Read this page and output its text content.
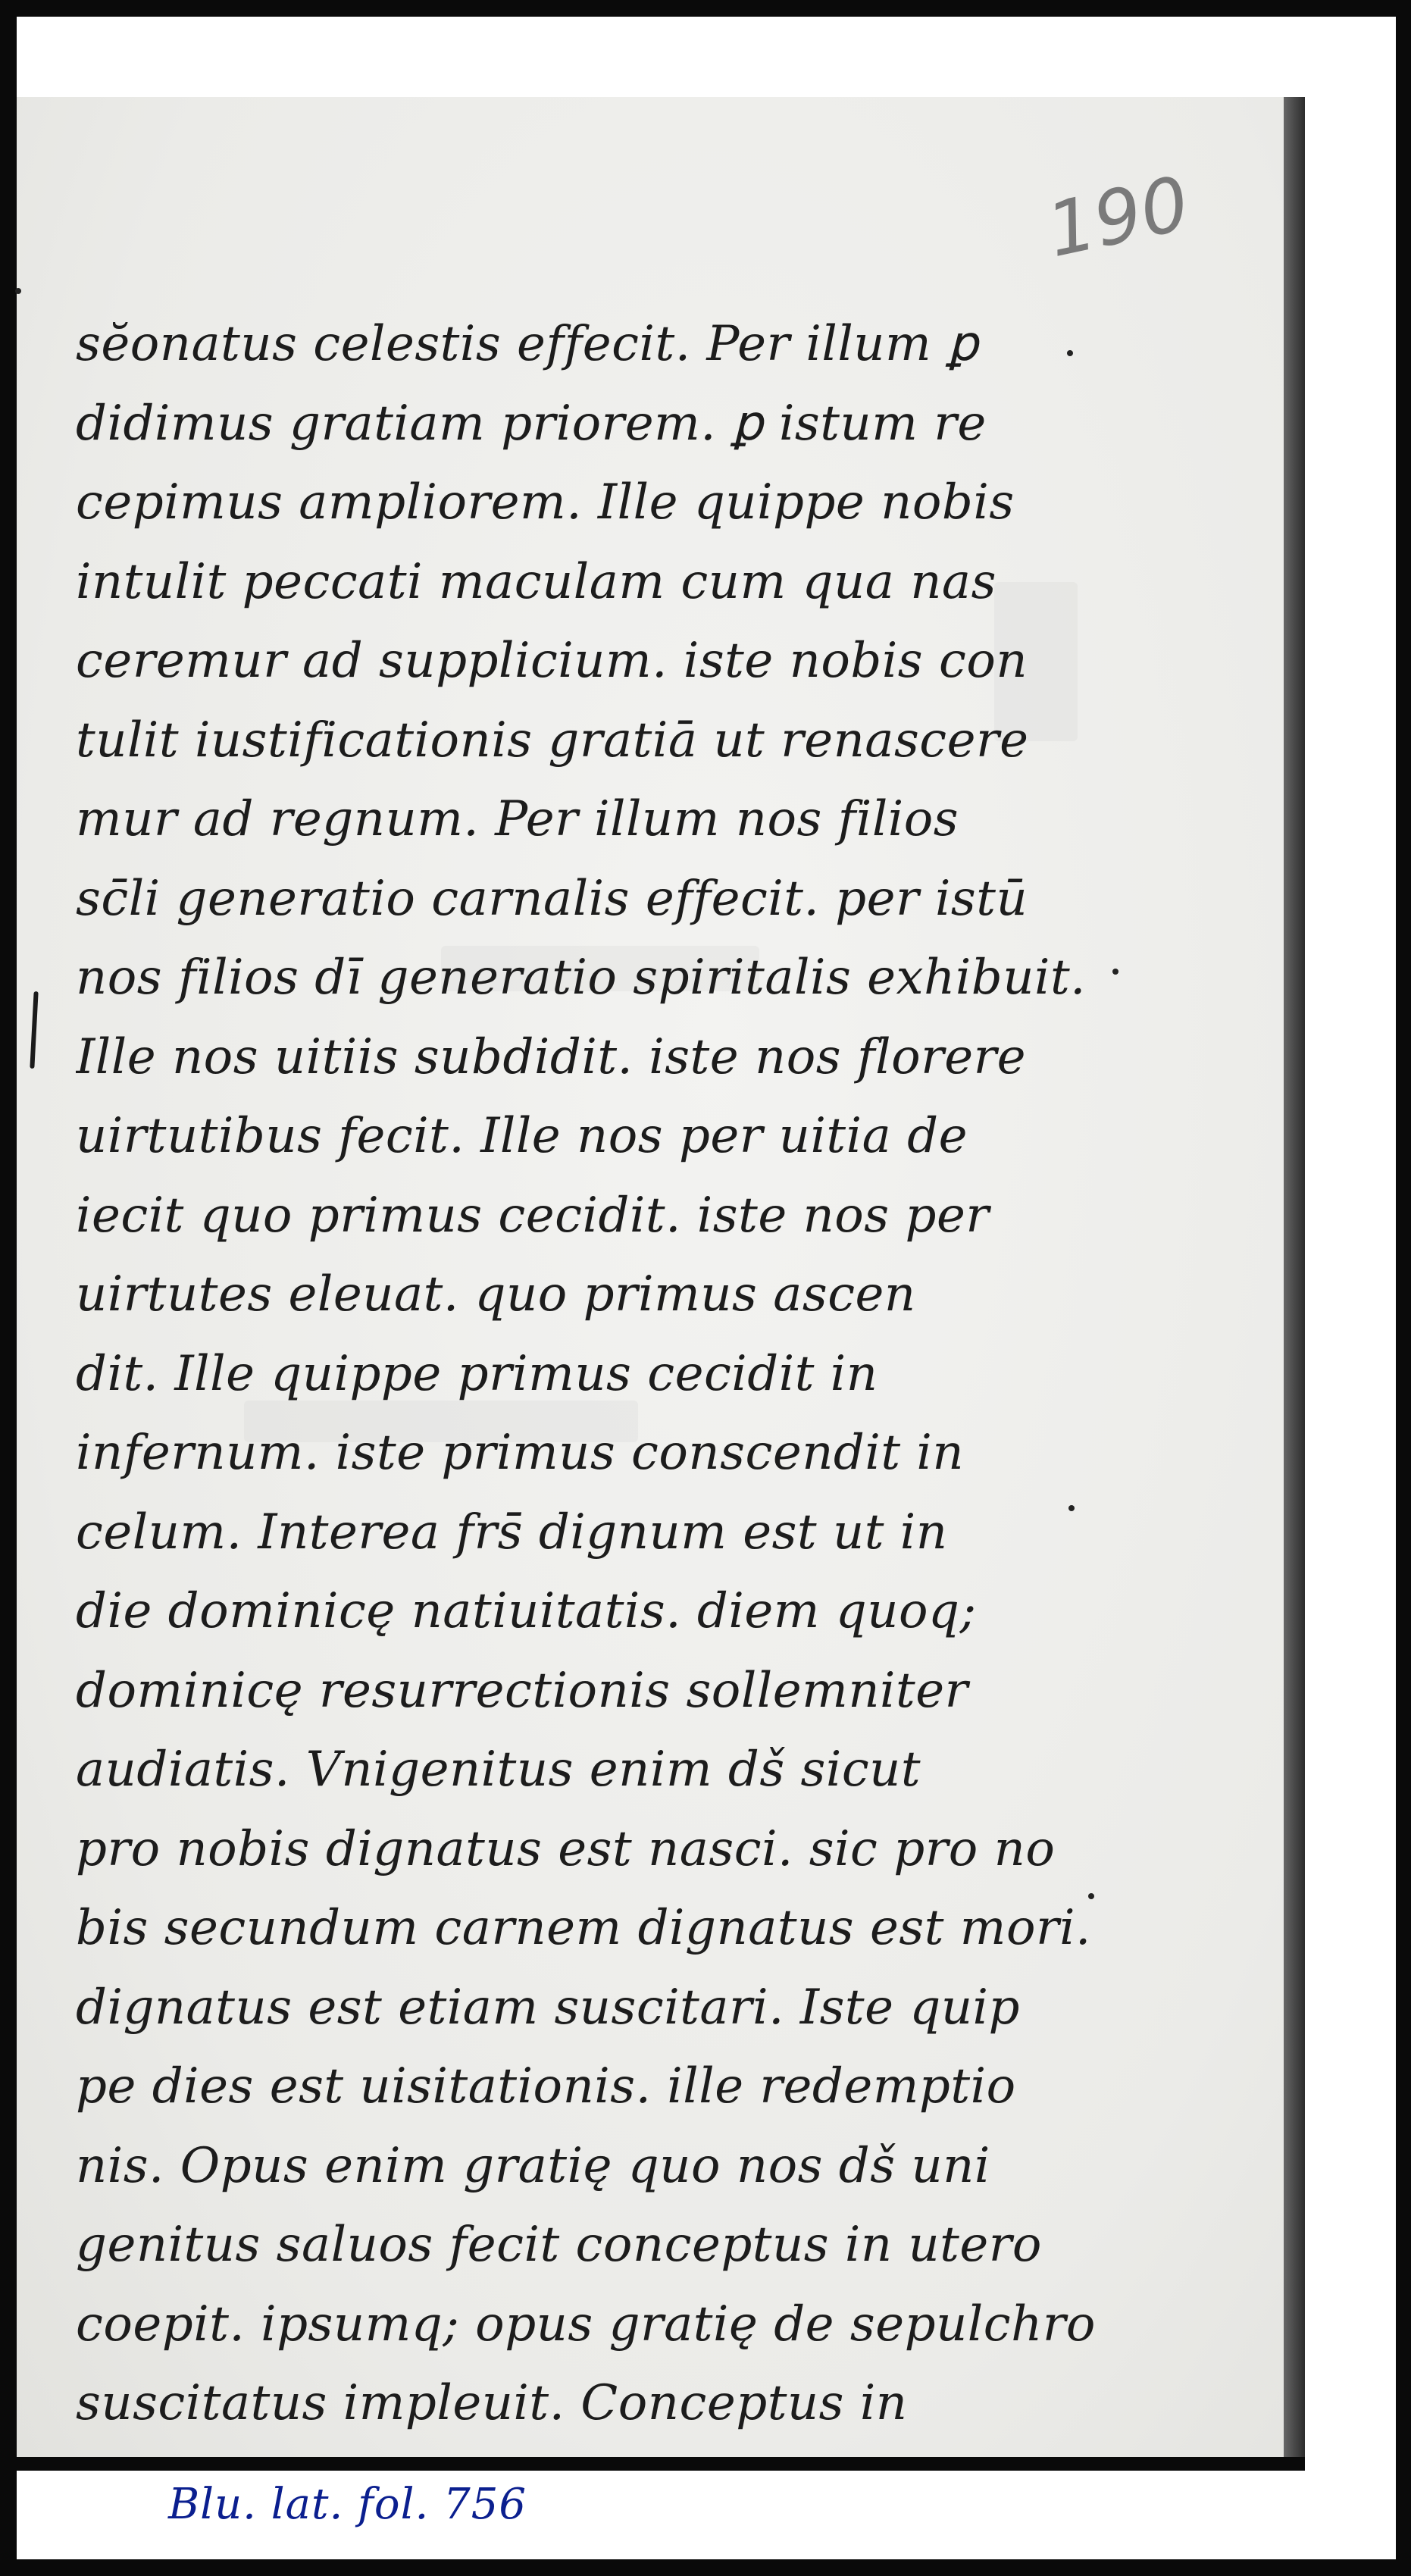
190
sĕonatus celestis effecit. Per illum ꝑ
didimus gratiam priorem. ꝑ istum re
cepimus ampliorem. Ille quippe nobis
intulit peccati maculam cum qua nas
ceremur ad supplicium. iste nobis con
tulit iustificationis gratiā ut renascere
mur ad regnum. Per illum nos filios
sc̄li generatio carnalis effecit. per istū
nos filios dī generatio spiritalis exhibuit.
Ille nos uitiis subdidit. iste nos florere
uirtutibus fecit. Ille nos per uitia de
iecit quo primus cecidit. iste nos per
uirtutes eleuat. quo primus ascen
dit. Ille quippe primus cecidit in
infernum. iste primus conscendit in
celum. Interea frs̄ dignum est ut in
die dominicę natiuitatis. diem quoq;
dominicę resurrectionis sollemniter
audiatis. Vnigenitus enim dš sicut
pro nobis dignatus est nasci. sic pro no
bis secundum carnem dignatus est mori.
dignatus est etiam suscitari. Iste quip
pe dies est uisitationis. ille redemptio
nis. Opus enim gratię quo nos dš uni
genitus saluos fecit conceptus in utero
coepit. ipsumq; opus gratię de sepulchro
suscitatus impleuit. Conceptus in
Blu. lat. fol. 756
